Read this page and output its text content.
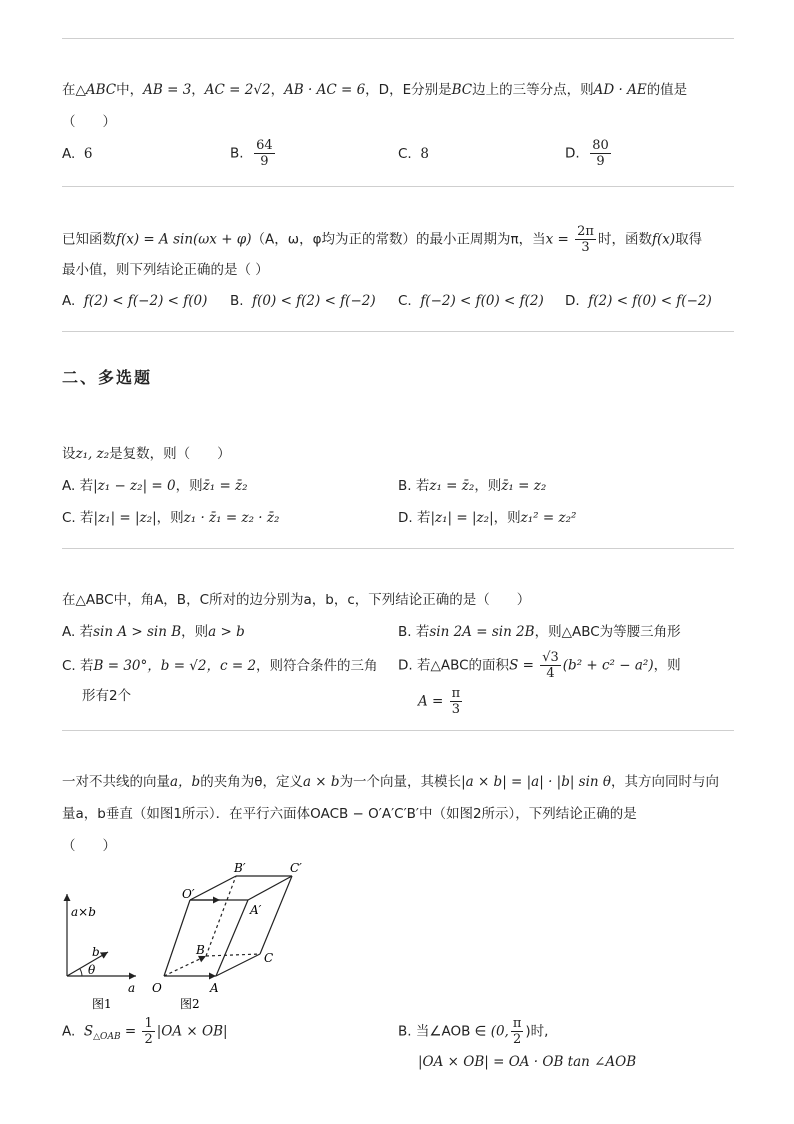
在△ABC中，AB = 3，AC = 2√2，AB · AC = 6，D，E分别是BC边上的三等分点，则AD · AE的值是
（　　）
A. 6	B. $\frac{64}{9}$	C. 8	D. $\frac{80}{9}$
已知函数f(x) = A sin(ωx + φ)（A，ω，φ均为正的常数）的最小正周期为π，当$x = \frac{2\pi}{3}$ 时，函数f(x)取得
最小值，则下列结论正确的是（ ）
A. f(2) < f(−2) < f(0) B. f(0) < f(2) < f(−2) C. f(−2) < f(0) < f(2) D. f(2) < f(0) < f(−2)
二、多选题
设z₁, z₂是复数，则（　　）
A. 若|z₁ − z₂| = 0，则z̄₁ = z̄₂	B. 若z₁ = z̄₂，则z̄₁ = z₂
C. 若|z₁| = |z₂|，则z₁ · z̄₁ = z₂ · z̄₂	D. 若|z₁| = |z₂|，则z₁² = z₂²
在△ABC中，角A，B，C所对的边分别为a，b，c，下列结论正确的是（　　）
A. 若sin A > sin B，则a > b	B. 若sin 2A = sin 2B，则△ABC为等腰三角形
C. 若B = 30°，b = √2，c = 2，则符合条件的三角
形有2个
D. 若△ABC的面积$S = \frac{√3}{4} (b^2 + c^2 - a^2)$，则
$A = \frac{\pi}{3}$
一对不共线的向量a，b的夹角为θ，定义a × b为一个向量，其模长|a × b| = |a| · |b| sin θ，其方向同时与向
量a，b垂直（如图1所示）．在平行六面体OACB − O′A′C′B′中（如图2所示），下列结论正确的是
（　　）
a×b
b
θ
a
图1
O	A
B
C
O′
A′
B′	C′
图2
A. $S_{\triangle OAB} = \frac{1}{2} |OA \times OB|$	B. 当∠AOB ∈ (0, $\frac{\pi}{2}$ )时,
|OA × OB| = OA · OB tan ∠AOB
